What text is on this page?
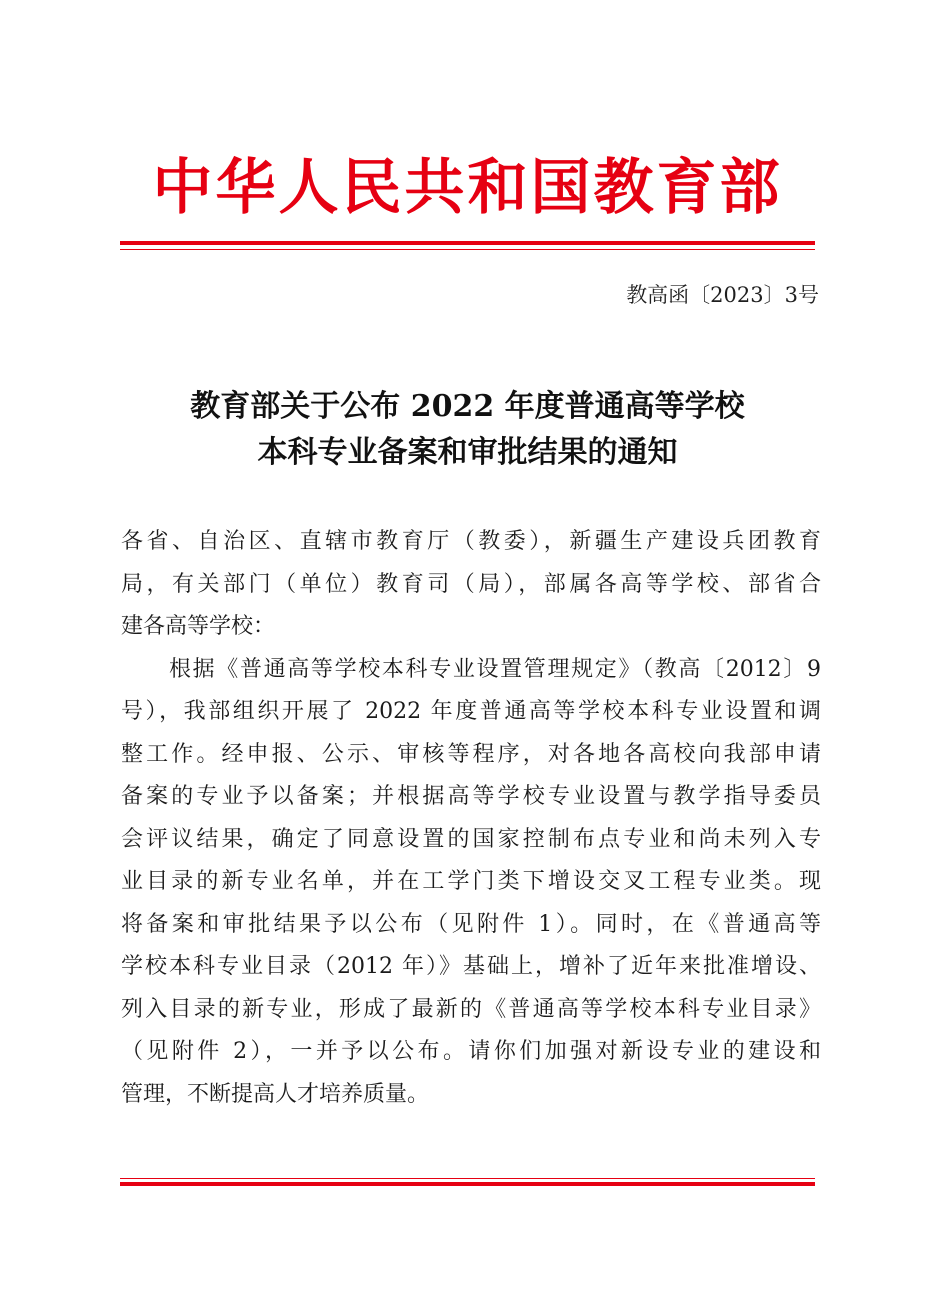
中华人民共和国教育部
教高函〔2023〕3号
教育部关于公布 2022 年度普通高等学校
本科专业备案和审批结果的通知
各省、自治区、直辖市教育厅（教委），新疆生产建设兵团教育
局，有关部门（单位）教育司（局），部属各高等学校、部省合
建各高等学校：
根据《普通高等学校本科专业设置管理规定》（教高〔2012〕9
号），我部组织开展了 2022 年度普通高等学校本科专业设置和调
整工作。经申报、公示、审核等程序，对各地各高校向我部申请
备案的专业予以备案；并根据高等学校专业设置与教学指导委员
会评议结果，确定了同意设置的国家控制布点专业和尚未列入专
业目录的新专业名单，并在工学门类下增设交叉工程专业类。现
将备案和审批结果予以公布（见附件 1）。同时，在《普通高等
学校本科专业目录（2012 年）》基础上，增补了近年来批准增设、
列入目录的新专业，形成了最新的《普通高等学校本科专业目录》
（见附件 2），一并予以公布。请你们加强对新设专业的建设和
管理，不断提高人才培养质量。
